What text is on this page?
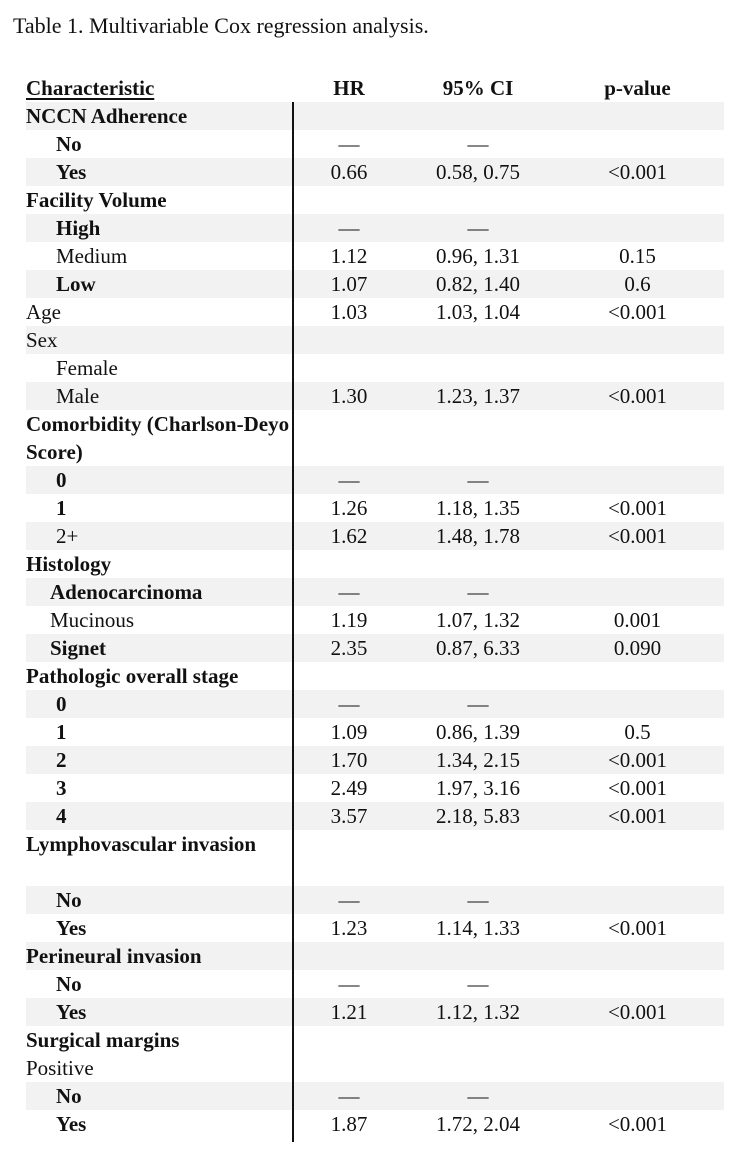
Table 1. Multivariable Cox regression analysis.
Characteristic	HR	95% CI	p-value
NCCN Adherence
No	—	—
Yes	0.66	0.58, 0.75	<0.001
Facility Volume
High	—	—
Medium	1.12	0.96, 1.31	0.15
Low	1.07	0.82, 1.40	0.6
Age	1.03	1.03, 1.04	<0.001
Sex
Female
Male	1.30	1.23, 1.37	<0.001
Comorbidity (Charlson-Deyo Score)
0	—	—
1	1.26	1.18, 1.35	<0.001
2+	1.62	1.48, 1.78	<0.001
Histology
Adenocarcinoma	—	—
Mucinous	1.19	1.07, 1.32	0.001
Signet	2.35	0.87, 6.33	0.090
Pathologic overall stage
0	—	—
1	1.09	0.86, 1.39	0.5
2	1.70	1.34, 2.15	<0.001
3	2.49	1.97, 3.16	<0.001
4	3.57	2.18, 5.83	<0.001
Lymphovascular invasion
No	—	—
Yes	1.23	1.14, 1.33	<0.001
Perineural invasion
No	—	—
Yes	1.21	1.12, 1.32	<0.001
Surgical margins
Positive
No	—	—
Yes	1.87	1.72, 2.04	<0.001
